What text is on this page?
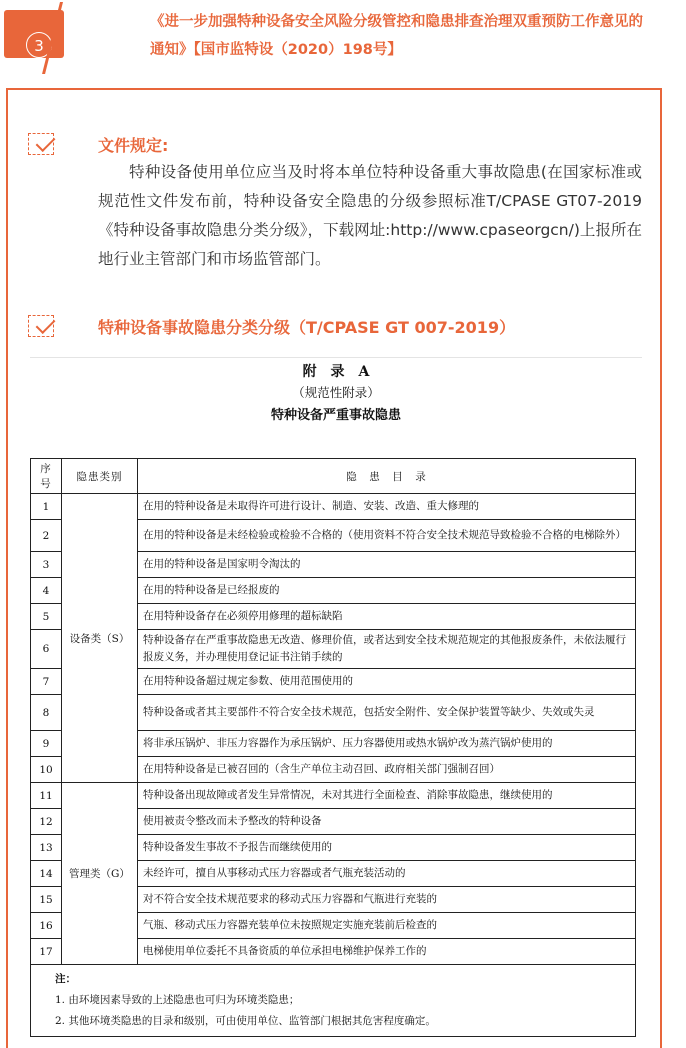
3
《进一步加强特种设备安全风险分级管控和隐患排查治理双重预防工作意见的
通知》【国市监特设（2020）198号】
文件规定:
特种设备使用单位应当及时将本单位特种设备重大事故隐患(在国家标准或规范性文件发布前，特种设备安全隐患的分级参照标准T/CPASE GT07-2019《特种设备事故隐患分类分级》，下载网址:http://www.cpaseorgcn/)上报所在地行业主管部门和市场监管部门。
特种设备事故隐患分类分级（T/CPASE GT 007-2019）
附　录　A
（规范性附录）
特种设备严重事故隐患
序号	隐患类别	隐　患　目　录
1	设备类（S）	在用的特种设备是未取得许可进行设计、制造、安装、改造、重大修理的
2		在用的特种设备是未经检验或检验不合格的（使用资料不符合安全技术规范导致检验不合格的电梯除外）
3		在用的特种设备是国家明令淘汰的
4		在用的特种设备是已经报废的
5		在用特种设备存在必须停用修理的超标缺陷
6		特种设备存在严重事故隐患无改造、修理价值，或者达到安全技术规范规定的其他报废条件，未依法履行报废义务，并办理使用登记证书注销手续的
7		在用特种设备超过规定参数、使用范围使用的
8		特种设备或者其主要部件不符合安全技术规范，包括安全附件、安全保护装置等缺少、失效或失灵
9		将非承压锅炉、非压力容器作为承压锅炉、压力容器使用或热水锅炉改为蒸汽锅炉使用的
10		在用特种设备是已被召回的（含生产单位主动召回、政府相关部门强制召回）
11	管理类（G）	特种设备出现故障或者发生异常情况，未对其进行全面检查、消除事故隐患，继续使用的
12		使用被责令整改而未予整改的特种设备
13		特种设备发生事故不予报告而继续使用的
14		未经许可，擅自从事移动式压力容器或者气瓶充装活动的
15		对不符合安全技术规范要求的移动式压力容器和气瓶进行充装的
16		气瓶、移动式压力容器充装单位未按照规定实施充装前后检查的
17		电梯使用单位委托不具备资质的单位承担电梯维护保养工作的

注：
1. 由环境因素导致的上述隐患也可归为环境类隐患；
2. 其他环境类隐患的目录和级别，可由使用单位、监管部门根据其危害程度确定。		
